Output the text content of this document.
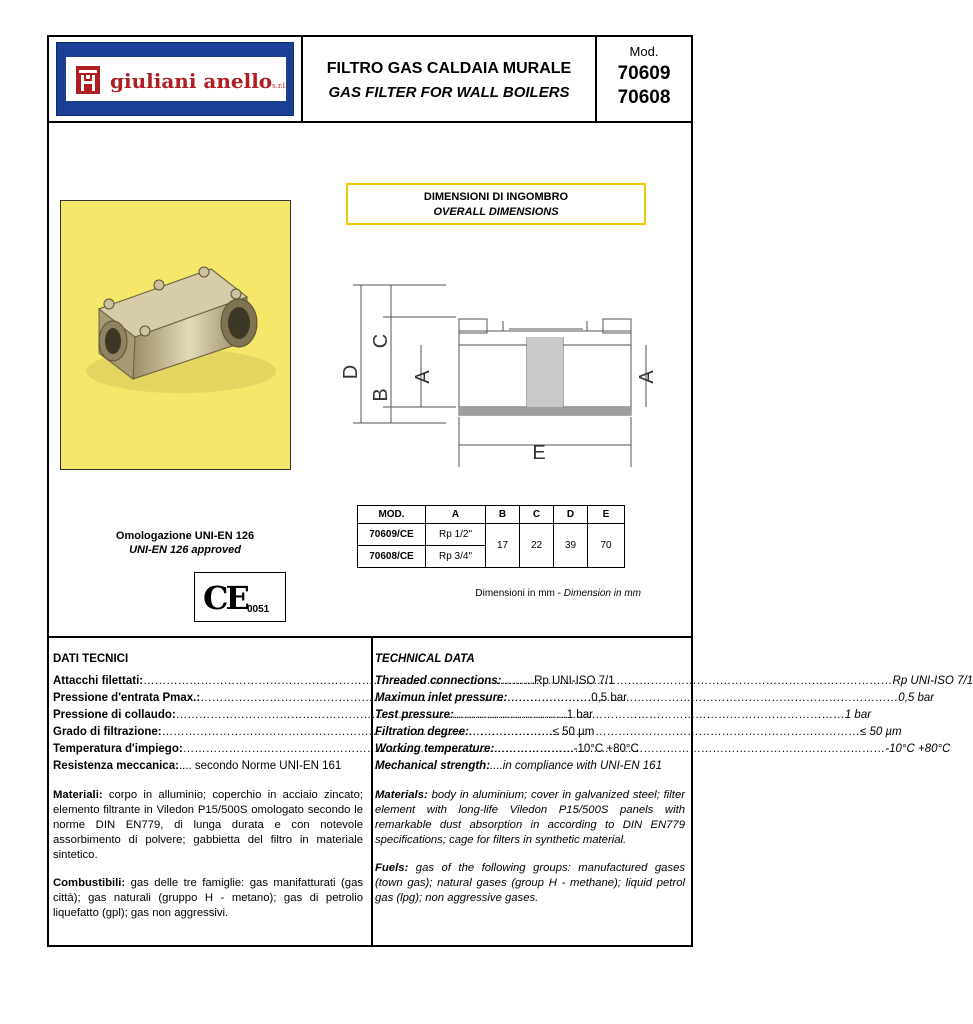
giuliani anellos.r.l.
FILTRO GAS CALDAIA MURALE
GAS FILTER FOR WALL BOILERS
Mod.
70609
70608
DIMENSIONI DI INGOMBRO
OVERALL DIMENSIONS
D
C
B
A	A
E
MOD.	A	B	C	D	E
70609/CE	Rp 1/2"	17	22	39	70
70608/CE	Rp 3/4"				
Omologazione UNI-EN 126
UNI-EN 126 approved
CE 0051
Dimensioni in mm - Dimension in mm
DATI TECNICI
Attacchi filettati: …………………………………………………………………………………………	Rp UNI-ISO 7/1
Pressione d'entrata Pmax.: …………………………………………………………………………………………	0,5 bar
Pressione di collaudo: …………………………………………………………………………………………	1 bar
Grado di filtrazione: …………………………………………………………………………………………	≤ 50 µm
Temperatura d'impiego: …………………………………………………………………………………………	-10°C +80°C
Resistenza meccanica: .... secondo Norme UNI-EN 161
Materiali: corpo in alluminio; coperchio in acciaio zincato; elemento filtrante in Viledon P15/500S omologato secondo le norme DIN EN779, di lunga durata e con notevole assorbimento di polvere; gabbietta del filtro in materiale sintetico.
Combustibili: gas delle tre famiglie: gas manifatturati (gas città); gas naturali (gruppo H - metano); gas di petrolio liquefatto (gpl); gas non aggressivi.
TECHNICAL DATA
Threaded connections: …………………………………………………………………………………………	Rp UNI-ISO 7/1
Maximun inlet pressure: …………………………………………………………………………………………	0,5 bar
Test pressure: …………………………………………………………………………………………	1 bar
Filtration degree: …………………………………………………………………………………………	≤ 50 µm
Working temperature: …………………………………………………………………………………………	-10°C +80°C
Mechanical strength: ....in compliance with UNI-EN 161
Materials: body in aluminium; cover in galvanized steel; filter element with long-life Viledon P15/500S panels with remarkable dust absorption in according to DIN EN779 specifications; cage for filters in synthetic material.
Fuels: gas of the following groups: manufactured gases (town gas); natural gases (group H - methane); liquid petrol gas (lpg); non aggressive gases.
